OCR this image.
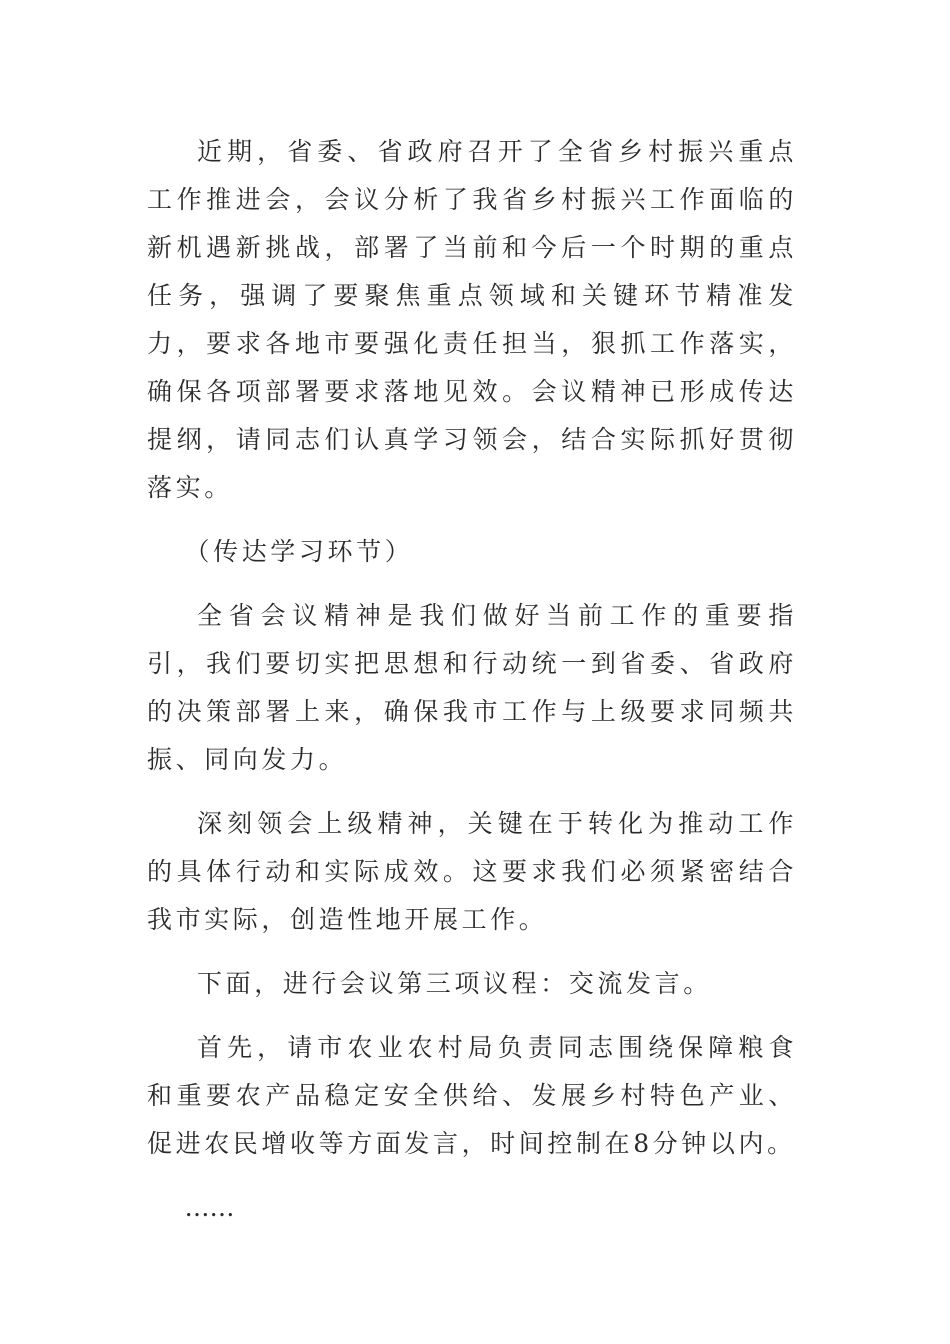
近期，省委、省政府召开了全省乡村振兴重点工作推进会，会议分析了我省乡村振兴工作面临的新机遇新挑战，部署了当前和今后一个时期的重点任务，强调了要聚焦重点领域和关键环节精准发力，要求各地市要强化责任担当，狠抓工作落实，确保各项部署要求落地见效。会议精神已形成传达提纲，请同志们认真学习领会，结合实际抓好贯彻落实。

（传达学习环节）

全省会议精神是我们做好当前工作的重要指引，我们要切实把思想和行动统一到省委、省政府的决策部署上来，确保我市工作与上级要求同频共振、同向发力。

深刻领会上级精神，关键在于转化为推动工作的具体行动和实际成效。这要求我们必须紧密结合我市实际，创造性地开展工作。

下面，进行会议第三项议程：交流发言。

首先，请市农业农村局负责同志围绕保障粮食和重要农产品稳定安全供给、发展乡村特色产业、促进农民增收等方面发言，时间控制在8分钟以内。

……
